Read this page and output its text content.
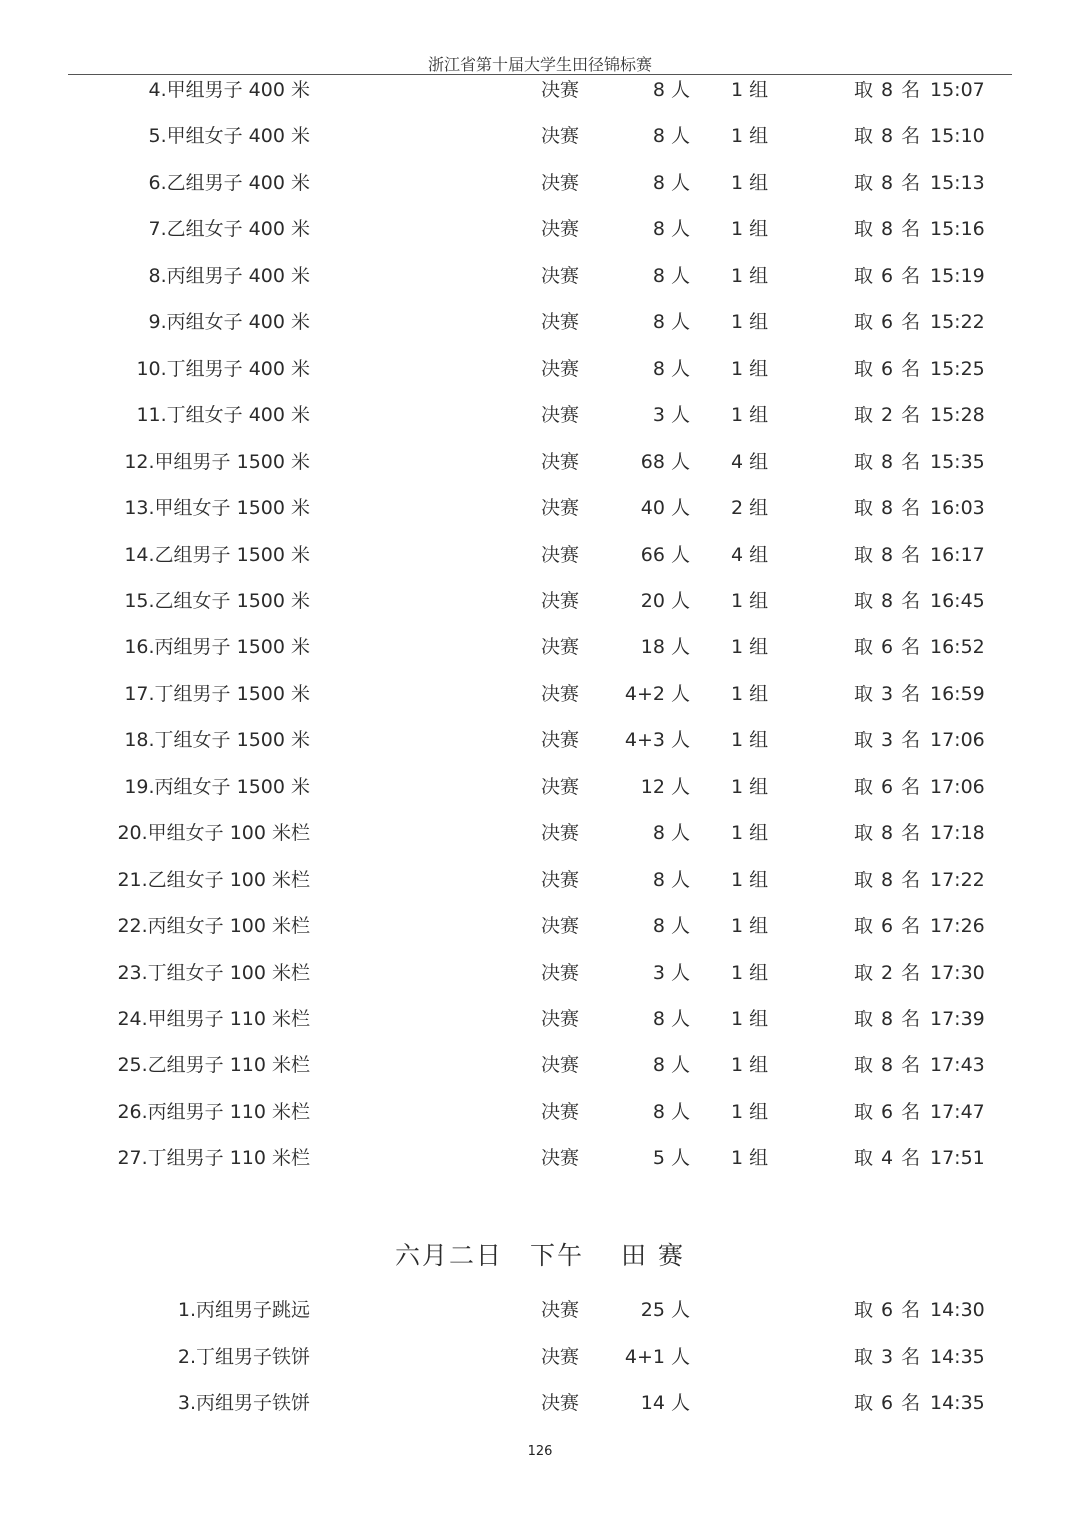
浙江省第十届大学生田径锦标赛
4.甲组男子 400 米	决赛	8 人 1 组	取 8 名 15:07
5.甲组女子 400 米	决赛	8 人 1 组	取 8 名 15:10
6.乙组男子 400 米	决赛	8 人 1 组	取 8 名 15:13
7.乙组女子 400 米	决赛	8 人 1 组	取 8 名 15:16
8.丙组男子 400 米	决赛	8 人 1 组	取 6 名 15:19
9.丙组女子 400 米	决赛	8 人 1 组	取 6 名 15:22
10.丁组男子 400 米	决赛	8 人 1 组	取 6 名 15:25
11.丁组女子 400 米	决赛	3 人 1 组	取 2 名 15:28
12.甲组男子 1500 米	决赛	68 人 4 组	取 8 名 15:35
13.甲组女子 1500 米	决赛	40 人 2 组	取 8 名 16:03
14.乙组男子 1500 米	决赛	66 人 4 组	取 8 名 16:17
15.乙组女子 1500 米	决赛	20 人 1 组	取 8 名 16:45
16.丙组男子 1500 米	决赛	18 人 1 组	取 6 名 16:52
17.丁组男子 1500 米	决赛	4+2 人 1 组	取 3 名 16:59
18.丁组女子 1500 米	决赛	4+3 人 1 组	取 3 名 17:06
19.丙组女子 1500 米	决赛	12 人 1 组	取 6 名 17:06
20.甲组女子 100 米栏	决赛	8 人 1 组	取 8 名 17:18
21.乙组女子 100 米栏	决赛	8 人 1 组	取 8 名 17:22
22.丙组女子 100 米栏	决赛	8 人 1 组	取 6 名 17:26
23.丁组女子 100 米栏	决赛	3 人 1 组	取 2 名 17:30
24.甲组男子 110 米栏	决赛	8 人 1 组	取 8 名 17:39
25.乙组男子 110 米栏	决赛	8 人 1 组	取 8 名 17:43
26.丙组男子 110 米栏	决赛	8 人 1 组	取 6 名 17:47
27.丁组男子 110 米栏	决赛	5 人 1 组	取 4 名 17:51
六月二日　下午　 田 赛
1.丙组男子跳远	决赛	25 人	取 6 名 14:30
2.丁组男子铁饼	决赛	4+1 人	取 3 名 14:35
3.丙组男子铁饼	决赛	14 人	取 6 名 14:35
126
